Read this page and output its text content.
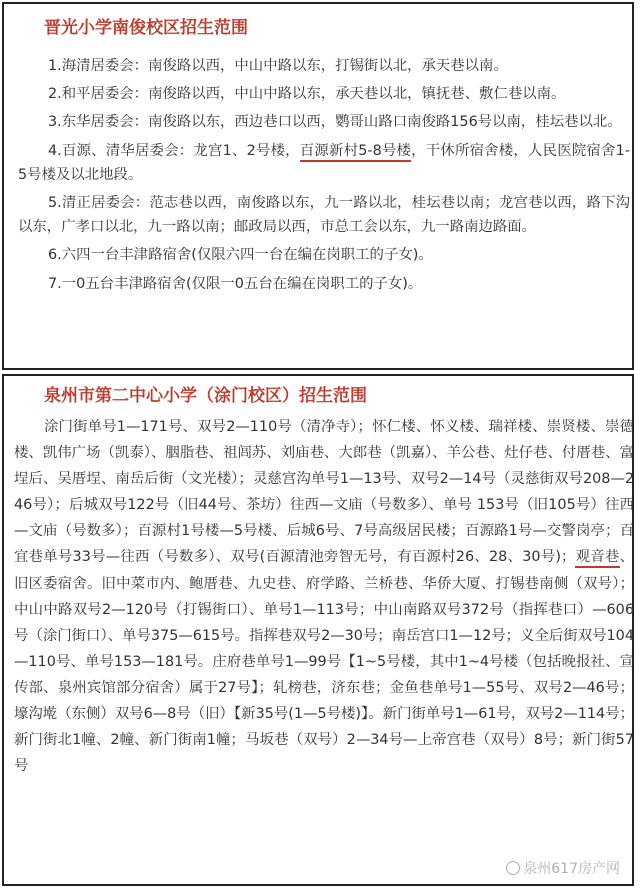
晋光小学南俊校区招生范围

1.海清居委会：南俊路以西，中山中路以东，打锡街以北，承天巷以南。

2.和平居委会：南俊路以西，中山中路以东，承天巷以北，镇抚巷、敷仁巷以南。

3.东华居委会：南俊路以东，西边巷口以西，鹦哥山路口南俊路156号以南，桂坛巷以北。

4.百源、清华居委会：龙宫1、2号楼，百源新村5-8号楼，干休所宿舍楼，人民医院宿舍1-5号楼及以北地段。

5.清正居委会：范志巷以西，南俊路以东，九一路以北，桂坛巷以南；龙宫巷以西，路下沟以东，广孝口以北，九一路以南；邮政局以西，市总工会以东，九一路南边路面。

6.六四一台丰津路宿舍(仅限六四一台在编在岗职工的子女)。

7.一0五台丰津路宿舍(仅限一0五台在编在岗职工的子女)。

泉州市第二中心小学（涂门校区）招生范围

涂门街单号1—171号、双号2—110号（清净寺）；怀仁楼、怀义楼、瑞祥楼、崇贤楼、崇德楼、凯伟广场（凯泰）、胭脂巷、祖闾苏、刘庙巷、大郎巷（凯嘉）、羊公巷、灶仔巷、付厝巷、富埕后、吴厝埕、南岳后街（文光楼）；灵慈宫沟单号1—13号、双号2—14号（灵慈街双号208—246号）；后城双号122号（旧44号、茶坊）往西—文庙（号数多）、单号 153号（旧105号）往西—文庙（号数多）；百源村1号楼—5号楼、后城6号、7号高级居民楼；百源路1号—交警岗亭；百宜巷单号33号—往西（号数多）、双号(百源清池旁智无号，有百源村26、28、30号)；观音巷、旧区委宿舍。旧中菜市内、鲍厝巷、九史巷、府学路、兰桥巷、华侨大厦、打锡巷南侧（双号）；中山中路双号2—120号（打锡街口）、单号1—113号；中山南路双号372号（指挥巷口）—606号（涂门街口）、单号375—615号。指挥巷双号2—30号；南岳宫口1—12号；义全后街双号104—110号、单号153—181号。庄府巷单号1—99号【1~5号楼，其中1~4号楼（包括晚报社、宣传部、泉州宾馆部分宿舍）属于27号】；轧榜巷，济东巷；金鱼巷单号1—55号、双号2—46号；壕沟墘（东侧）双号6—8号（旧）【新35号(1—5号楼)】。新门街单号1—61号，双号2—114号；新门街北1幢、2幢、新门街南1幢；马坂巷（双号）2—34号—上帝宫巷（双号）8号；新门街57号

泉州617房产网
